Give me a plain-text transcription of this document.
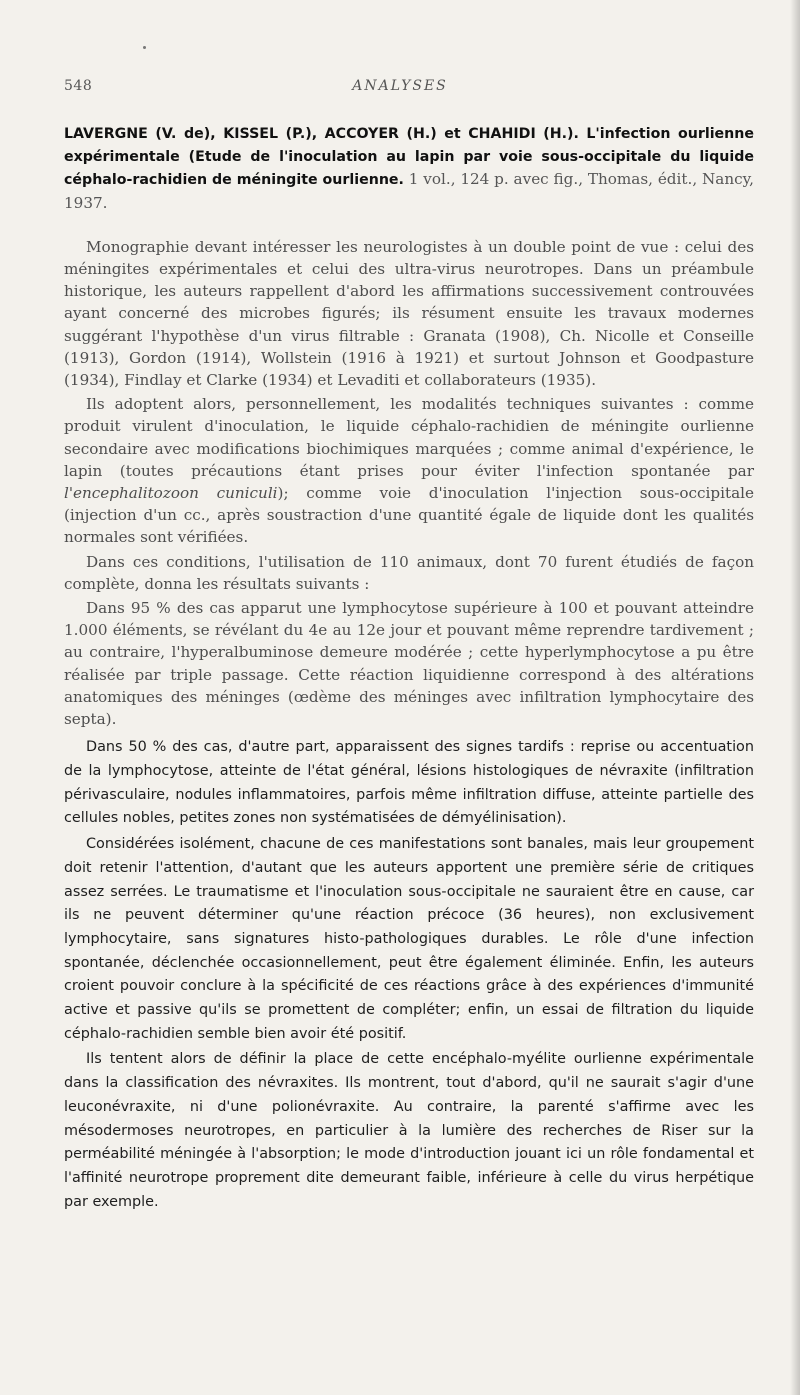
548	ANALYSES

LAVERGNE (V. de), KISSEL (P.), ACCOYER (H.) et CHAHIDI (H.). L'infection ourlienne expérimentale (Etude de l'inoculation au lapin par voie sous-occipitale du liquide céphalo-rachidien de méningite ourlienne. 1 vol., 124 p. avec fig., Thomas, édit., Nancy, 1937.

Monographie devant intéresser les neurologistes à un double point de vue : celui des méningites expérimentales et celui des ultra-virus neurotropes. Dans un préambule historique, les auteurs rappellent d'abord les affirmations successivement controuvées ayant concerné des microbes figurés; ils résument ensuite les travaux modernes suggérant l'hypothèse d'un virus filtrable : Granata (1908), Ch. Nicolle et Conseille (1913), Gordon (1914), Wollstein (1916 à 1921) et surtout Johnson et Goodpasture (1934), Findlay et Clarke (1934) et Levaditi et collaborateurs (1935).

Ils adoptent alors, personnellement, les modalités techniques suivantes : comme produit virulent d'inoculation, le liquide céphalo-rachidien de méningite ourlienne secondaire avec modifications biochimiques marquées ; comme animal d'expérience, le lapin (toutes précautions étant prises pour éviter l'infection spontanée par l'encephalitozoon cuniculi); comme voie d'inoculation l'injection sous-occipitale (injection d'un cc., après soustraction d'une quantité égale de liquide dont les qualités normales sont vérifiées.

Dans ces conditions, l'utilisation de 110 animaux, dont 70 furent étudiés de façon complète, donna les résultats suivants :

Dans 95 % des cas apparut une lymphocytose supérieure à 100 et pouvant atteindre 1.000 éléments, se révélant du 4e au 12e jour et pouvant même reprendre tardivement ; au contraire, l'hyperalbuminose demeure modérée ; cette hyperlymphocytose a pu être réalisée par triple passage. Cette réaction liquidienne correspond à des altérations anatomiques des méninges (œdème des méninges avec infiltration lymphocytaire des septa).

Dans 50 % des cas, d'autre part, apparaissent des signes tardifs : reprise ou accentuation de la lymphocytose, atteinte de l'état général, lésions histologiques de névraxite (infiltration périvasculaire, nodules inflammatoires, parfois même infiltration diffuse, atteinte partielle des cellules nobles, petites zones non systématisées de démyélinisation).

Considérées isolément, chacune de ces manifestations sont banales, mais leur groupement doit retenir l'attention, d'autant que les auteurs apportent une première série de critiques assez serrées. Le traumatisme et l'inoculation sous-occipitale ne sauraient être en cause, car ils ne peuvent déterminer qu'une réaction précoce (36 heures), non exclusivement lymphocytaire, sans signatures histo-pathologiques durables. Le rôle d'une infection spontanée, déclenchée occasionnellement, peut être également éliminée. Enfin, les auteurs croient pouvoir conclure à la spécificité de ces réactions grâce à des expériences d'immunité active et passive qu'ils se promettent de compléter; enfin, un essai de filtration du liquide céphalo-rachidien semble bien avoir été positif.

Ils tentent alors de définir la place de cette encéphalo-myélite ourlienne expérimentale dans la classification des névraxites. Ils montrent, tout d'abord, qu'il ne saurait s'agir d'une leuconévraxite, ni d'une polionévraxite. Au contraire, la parenté s'affirme avec les mésodermoses neurotropes, en particulier à la lumière des recherches de Riser sur la perméabilité méningée à l'absorption; le mode d'introduction jouant ici un rôle fondamental et l'affinité neurotrope proprement dite demeurant faible, inférieure à celle du virus herpétique par exemple.
